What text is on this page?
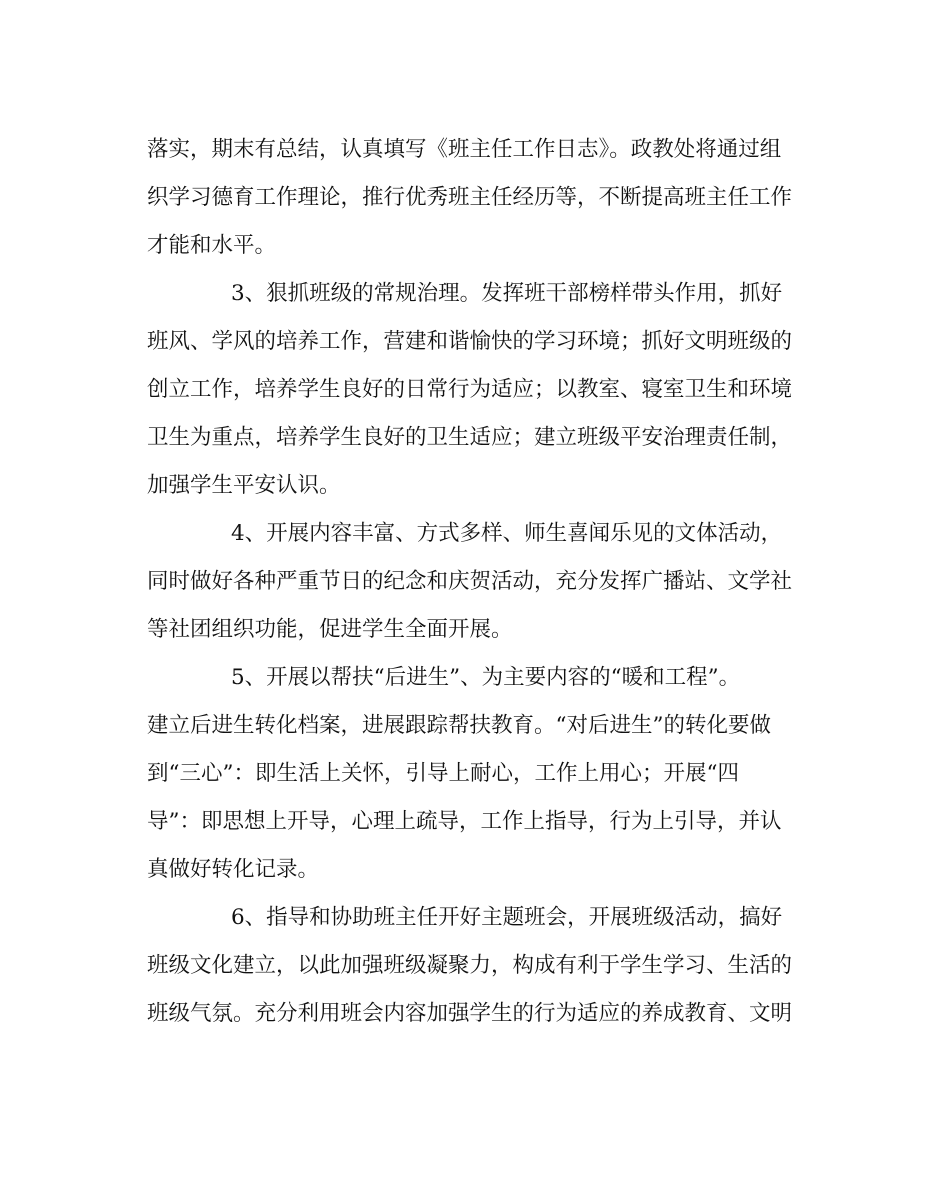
落实，期末有总结，认真填写《班主任工作日志》。政教处将通过组
织学习德育工作理论，推行优秀班主任经历等，不断提高班主任工作
才能和水平。
3、狠抓班级的常规治理。发挥班干部榜样带头作用，抓好
班风、学风的培养工作，营建和谐愉快的学习环境；抓好文明班级的
创立工作，培养学生良好的日常行为适应；以教室、寝室卫生和环境
卫生为重点，培养学生良好的卫生适应；建立班级平安治理责任制，
加强学生平安认识。
4、开展内容丰富、方式多样、师生喜闻乐见的文体活动，
同时做好各种严重节日的纪念和庆贺活动，充分发挥广播站、文学社
等社团组织功能，促进学生全面开展。
5、开展以帮扶“后进生”、为主要内容的“暖和工程”。
建立后进生转化档案，进展跟踪帮扶教育。“对后进生”的转化要做
到“三心”：即生活上关怀，引导上耐心，工作上用心；开展“四
导”：即思想上开导，心理上疏导，工作上指导，行为上引导，并认
真做好转化记录。
6、指导和协助班主任开好主题班会，开展班级活动，搞好
班级文化建立，以此加强班级凝聚力，构成有利于学生学习、生活的
班级气氛。充分利用班会内容加强学生的行为适应的养成教育、文明
